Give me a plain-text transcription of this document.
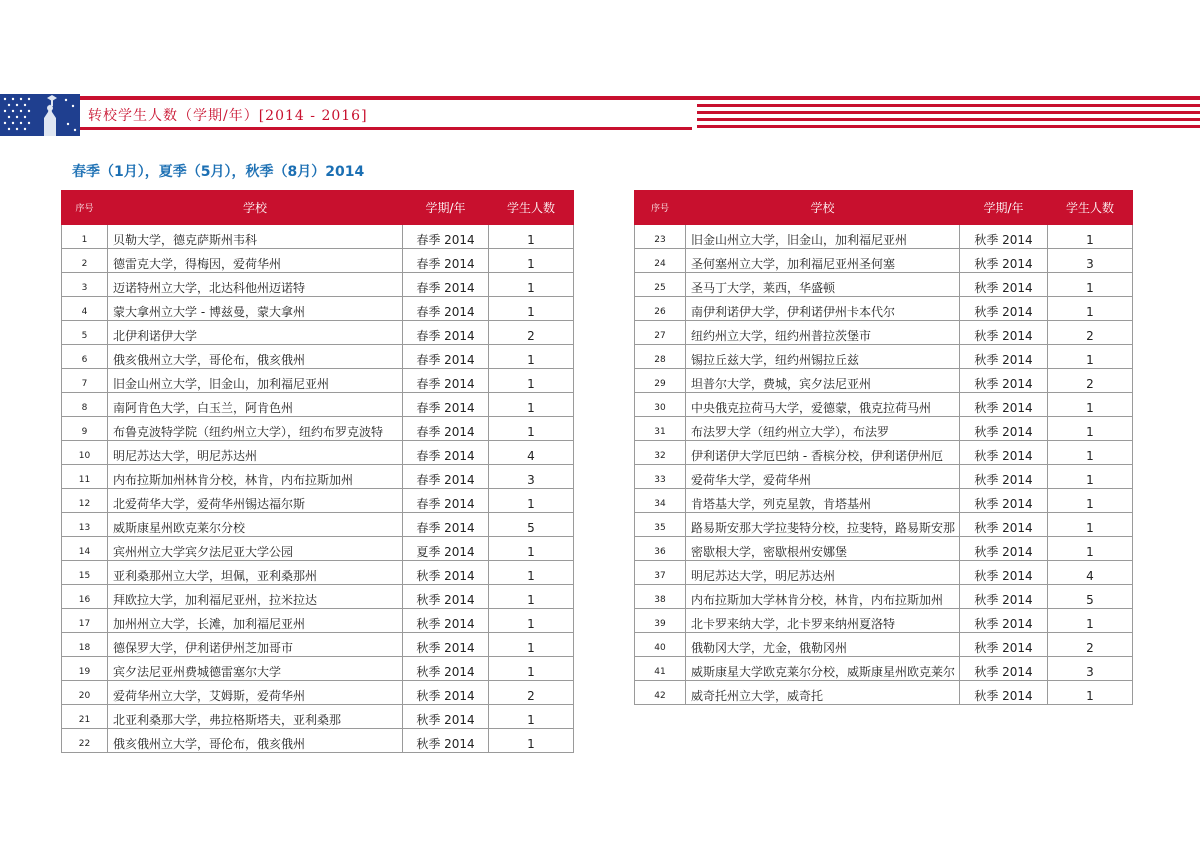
转校学生人数（学期/年）[2014 - 2016]
春季（1月），夏季（5月），秋季（8月）2014
序号	学校	学期/年	学生人数
1	贝勒大学，德克萨斯州韦科	春季 2014	1
2	德雷克大学，得梅因，爱荷华州	春季 2014	1
3	迈诺特州立大学，北达科他州迈诺特	春季 2014	1
4	蒙大拿州立大学 - 博兹曼，蒙大拿州	春季 2014	1
5	北伊利诺伊大学	春季 2014	2
6	俄亥俄州立大学，哥伦布，俄亥俄州	春季 2014	1
7	旧金山州立大学，旧金山，加利福尼亚州	春季 2014	1
8	南阿肯色大学，白玉兰，阿肯色州	春季 2014	1
9	布鲁克波特学院（纽约州立大学），纽约布罗克波特	春季 2014	1
10	明尼苏达大学，明尼苏达州	春季 2014	4
11	内布拉斯加州林肯分校，林肯，内布拉斯加州	春季 2014	3
12	北爱荷华大学，爱荷华州锡达福尔斯	春季 2014	1
13	威斯康星州欧克莱尔分校	春季 2014	5
14	宾州州立大学宾夕法尼亚大学公园	夏季 2014	1
15	亚利桑那州立大学，坦佩，亚利桑那州	秋季 2014	1
16	拜欧拉大学，加利福尼亚州，拉米拉达	秋季 2014	1
17	加州州立大学，长滩，加利福尼亚州	秋季 2014	1
18	德保罗大学，伊利诺伊州芝加哥市	秋季 2014	1
19	宾夕法尼亚州费城德雷塞尔大学	秋季 2014	1
20	爱荷华州立大学，艾姆斯，爱荷华州	秋季 2014	2
21	北亚利桑那大学，弗拉格斯塔夫，亚利桑那	秋季 2014	1
22	俄亥俄州立大学，哥伦布，俄亥俄州	秋季 2014	1
序号	学校	学期/年	学生人数
23	旧金山州立大学，旧金山，加利福尼亚州	秋季 2014	1
24	圣何塞州立大学，加利福尼亚州圣何塞	秋季 2014	3
25	圣马丁大学，莱西，华盛顿	秋季 2014	1
26	南伊利诺伊大学，伊利诺伊州卡本代尔	秋季 2014	1
27	纽约州立大学，纽约州普拉茨堡市	秋季 2014	2
28	锡拉丘兹大学，纽约州锡拉丘兹	秋季 2014	1
29	坦普尔大学，费城，宾夕法尼亚州	秋季 2014	2
30	中央俄克拉荷马大学，爱德蒙，俄克拉荷马州	秋季 2014	1
31	布法罗大学（纽约州立大学），布法罗	秋季 2014	1
32	伊利诺伊大学厄巴纳 - 香槟分校，伊利诺伊州厄	秋季 2014	1
33	爱荷华大学，爱荷华州	秋季 2014	1
34	肯塔基大学，列克星敦，肯塔基州	秋季 2014	1
35	路易斯安那大学拉斐特分校，拉斐特，路易斯安那	秋季 2014	1
36	密歇根大学，密歇根州安娜堡	秋季 2014	1
37	明尼苏达大学，明尼苏达州	秋季 2014	4
38	内布拉斯加大学林肯分校，林肯，内布拉斯加州	秋季 2014	5
39	北卡罗来纳大学，北卡罗来纳州夏洛特	秋季 2014	1
40	俄勒冈大学，尤金，俄勒冈州	秋季 2014	2
41	威斯康星大学欧克莱尔分校，威斯康星州欧克莱尔	秋季 2014	3
42	威奇托州立大学，威奇托	秋季 2014	1
